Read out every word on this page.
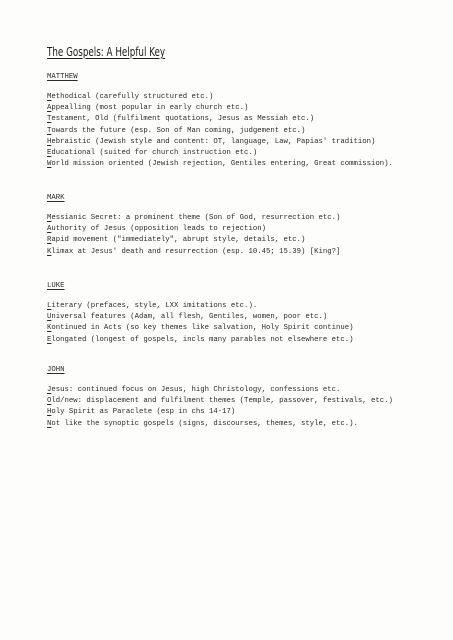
The Gospels: A Helpful Key
MATTHEW
Methodical (carefully structured etc.)
Appealling (most popular in early church etc.)
Testament, Old (fulfilment quotations, Jesus as Messiah etc.)
Towards the future (esp. Son of Man coming, judgement etc.)
Hebraistic (Jewish style and content: OT, language, Law, Papias' tradition)
Educational (suited for church instruction etc.)
World mission oriented (Jewish rejection, Gentiles entering, Great commission).
MARK
Messianic Secret: a prominent theme (Son of God, resurrection etc.)
Authority of Jesus (opposition leads to rejection)
Rapid movement ("immediately", abrupt style, details, etc.)
Klimax at Jesus' death and resurrection (esp. 10.45; 15.39) [King?]
LUKE
Literary (prefaces, style, LXX imitations etc.).
Universal features (Adam, all flesh, Gentiles, women, poor etc.)
Kontinued in Acts (so key themes like salvation, Holy Spirit continue)
Elongated (longest of gospels, incls many parables not elsewhere etc.)
JOHN
Jesus: continued focus on Jesus, high Christology, confessions etc.
Old/new: displacement and fulfilment themes (Temple, passover, festivals, etc.)
Holy Spirit as Paraclete (esp in chs 14-17)
Not like the synoptic gospels (signs, discourses, themes, style, etc.).
